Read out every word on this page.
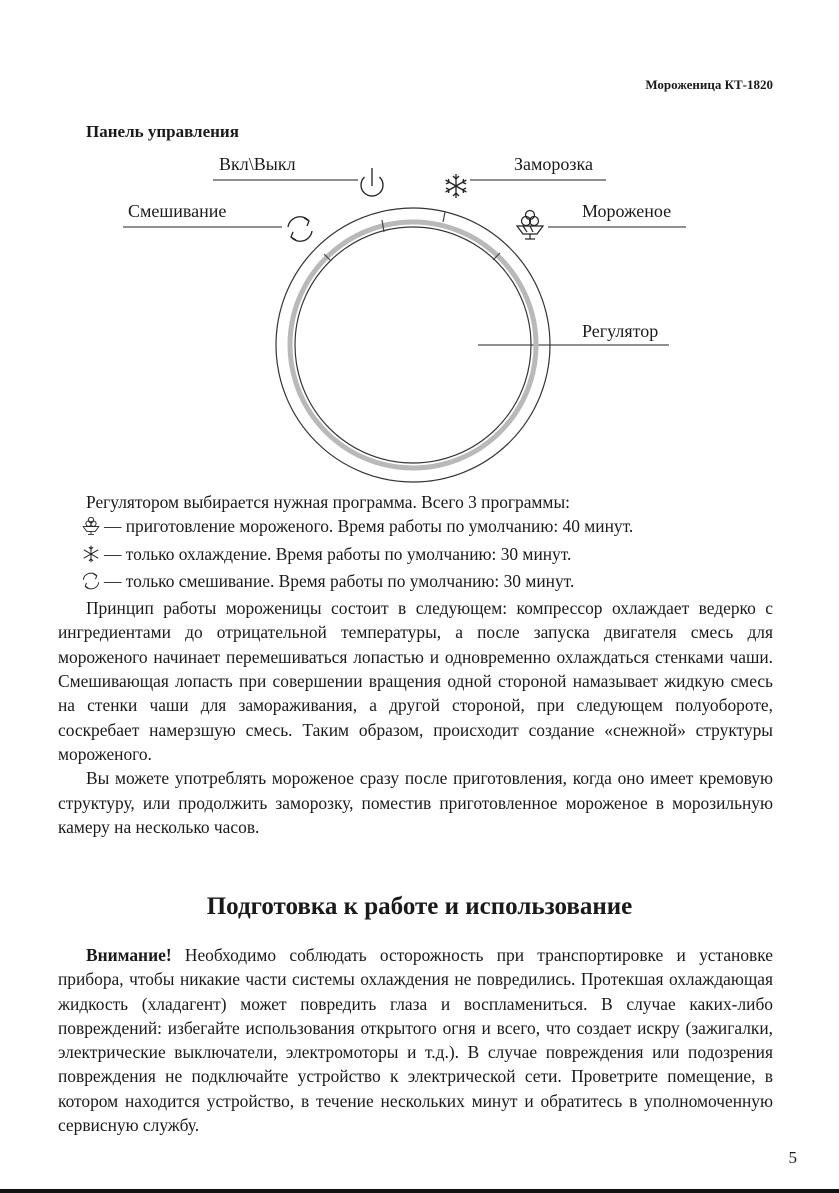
Мороженица КТ-1820
Панель управления
Вкл\Выкл	Заморозка
Смешивание	Мороженое
Регулятор

Регулятором выбирается нужная программа. Всего 3 программы:

— приготовление мороженого. Время работы по умолчанию: 40 минут.
— только охлаждение. Время работы по умолчанию: 30 минут.
— только смешивание. Время работы по умолчанию: 30 минут.

Принцип работы мороженицы состоит в следующем: компрессор охлаждает ведерко с ингредиентами до отрицательной температуры, а после запуска двигателя смесь для мороженого начинает перемешиваться лопастью и одновременно охлаждаться стенками чаши. Смешивающая лопасть при совершении вращения одной стороной намазывает жидкую смесь на стенки чаши для замораживания, а другой стороной, при следующем полуобороте, соскребает намерзшую смесь. Таким образом, происходит создание «снежной» структуры мороженого.

Вы можете употреблять мороженое сразу после приготовления, когда оно имеет кремовую структуру, или продолжить заморозку, поместив приготовленное мороженое в морозильную камеру на несколько часов.

Подготовка к работе и использование

Внимание! Необходимо соблюдать осторожность при транспортировке и установке прибора, чтобы никакие части системы охлаждения не повредились. Протекшая охлаждающая жидкость (хладагент) может повредить глаза и воспламениться. В случае каких-либо повреждений: избегайте использования открытого огня и всего, что создает искру (зажигалки, электрические выключатели, электромоторы и т.д.). В случае повреждения или подозрения повреждения не подключайте устройство к электрической сети. Проветрите помещение, в котором находится устройство, в течение нескольких минут и обратитесь в уполномоченную сервисную службу.

5
